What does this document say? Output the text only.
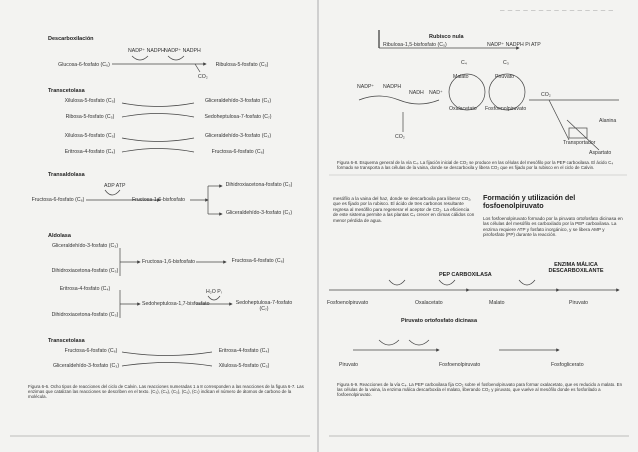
— — — — — — — — — — — — — — —
Descarboxilación
NADP⁺ NADPH NADP⁺ NADPH
Glucosa-6-fosfato (C₆)	Ribulosa-5-fosfato (C₅)
CO₂
Transcetolasa
Xilulosa-5-fosfato (C₅)
Ribosa-5-fosfato (C₅)
Gliceraldehído-3-fosfato (C₃)
Sedoheptulosa-7-fosfato (C₇)
Xilulosa-5-fosfato (C₅)
Eritrosa-4-fosfato (C₄)
Gliceraldehído-3-fosfato (C₃)
Fructosa-6-fosfato (C₆)
Transaldolasa
ADP ATP
Fructosa-6-fosfato (C₆)	Fructosa-1,6-bisfosfato
Dihidroxiacetona-fosfato (C₃)
Gliceraldehído-3-fosfato (C₃)
Aldolasa
Gliceraldehído-3-fosfato (C₃)
Dihidroxiacetona-fosfato (C₃)
Fructosa-1,6-bisfosfato	Fructosa-6-fosfato (C₆)
Eritrosa-4-fosfato (C₄)
Dihidroxiacetona-fosfato (C₃)
Sedoheptulosa-1,7-bisfosfato
H₂O Pᵢ
Sedoheptulosa-7-fosfato (C₇)
Transcetolasa
Fructosa-6-fosfato (C₆)
Gliceraldehído-3-fosfato (C₃)
Eritrosa-4-fosfato (C₄)
Xilulosa-5-fosfato (C₅)
Figura 6-6. Ocho tipos de reacciones del ciclo de Calvin. Las reacciones numeradas 1 a 8 corresponden a las reacciones de la figura 6-7. Las enzimas que catalizan las reacciones se describen en el texto. (C₃), (C₄), (C₅), (C₆), (C₇) indican el número de átomos de carbono de la molécula.
Rubisco nula
Ribulosa-1,5-bisfosfato (C₅)	NADP⁺ NADPH Pi ATP
NADP⁺ NADPH
NADH NAD⁺
CO₂
Malato
Oxalacetato
Piruvato
Fosfoenolpiruvato
Transportador
CO₂
C₄	C₃
Aspartato
Alanina
Figura 6-8. Esquema general de la vía C₄. La fijación inicial de CO₂ se produce en las células del mesófilo por la PEP carboxilasa. El ácido C₄ formado se transporta a las células de la vaina, donde se descarboxila y libera CO₂ que es fijado por la rubisco en el ciclo de Calvin.
mesófilo a la vaina del haz, donde se descarboxila para liberar CO₂, que es fijado por la rubisco. El ácido de tres carbonos resultante regresa al mesófilo para regenerar el aceptor de CO₂. La eficiencia de este sistema permite a las plantas C₄ crecer en climas cálidos con menor pérdida de agua.
Formación y utilización del fosfoenolpiruvato
Los fosfoenolpiruvato formado por la piruvato ortofosfato dicinasa en las células del mesófilo es carboxilado por la PEP carboxilasa. La enzima requiere ATP y fosfato inorgánico, y se libera AMP y pirofosfato (PP) durante la reacción.
PEP CARBOXILASA
ENZIMA MÁLICA DESCARBOXILANTE
Fosfoenolpiruvato	Oxalacetato	Malato	Piruvato
Piruvato ortofosfato dicinasa
Piruvato	Fosfoenolpiruvato	Fosfoglicerato
Figura 6-9. Reacciones de la vía C₄. La PEP carboxilasa fija CO₂ sobre el fosfoenolpiruvato para formar oxalacetato, que es reducido a malato. En las células de la vaina, la enzima málica descarboxila el malato, liberando CO₂ y piruvato, que vuelve al mesófilo donde es fosforilado a fosfoenolpiruvato.
